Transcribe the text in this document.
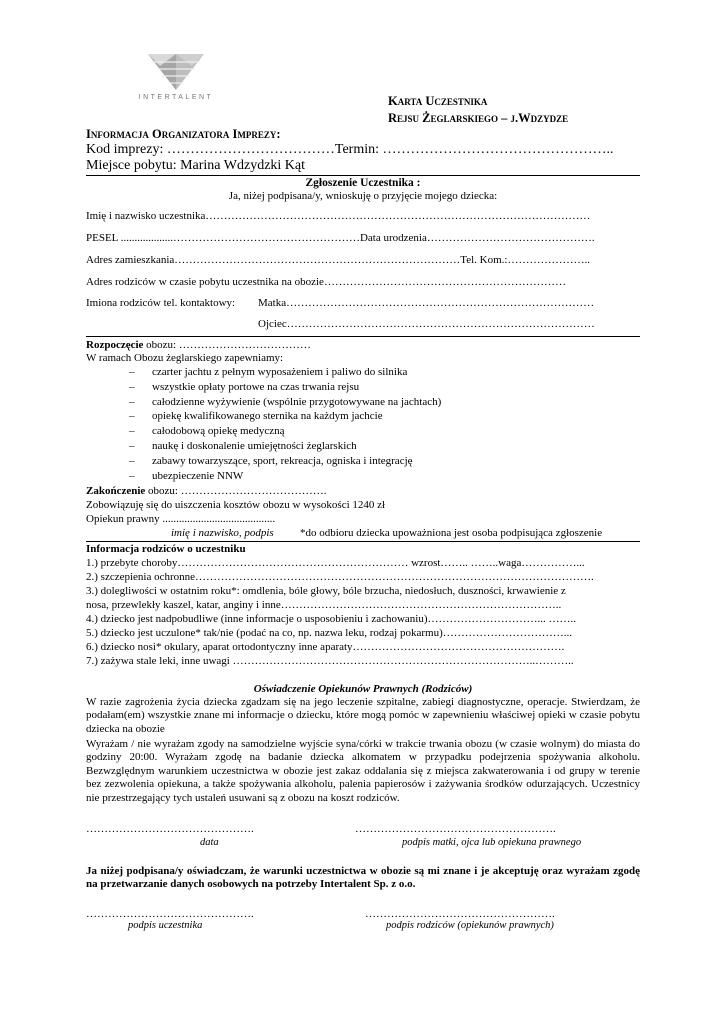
INTERTALENT	Karta Uczestnika
Rejsu Żeglarskiego – j.Wdzydze
Informacja Organizatora Imprezy:
Kod imprezy: ………………………………Termin: …………………………………………..
Miejsce pobytu: Marina Wdzydzki Kąt
Zgłoszenie Uczestnika :
Ja, niżej podpisana/y, wnioskuję o przyjęcie mojego dziecka:
Imię i nazwisko uczestnika……………………………………………………………………………………………
PESEL ...................……………………………………………Data urodzenia……………………………………….
Adres zamieszkania……………………………………………………………………Tel. Kom.:…………………..
Adres rodziców w czasie pobytu uczestnika na obozie…………………………………………………………
Imiona rodziców tel. kontaktowy: Matka…………………………………………………………………………
Ojciec…………………………………………………………………………
Rozpoczęcie obozu: ………………………………
W ramach Obozu żeglarskiego zapewniamy:
– czarter jachtu z pełnym wyposażeniem i paliwo do silnika
– wszystkie opłaty portowe na czas trwania rejsu
– całodzienne wyżywienie (wspólnie przygotowywane na jachtach)
– opiekę kwalifikowanego sternika na każdym jachcie
– całodobową opiekę medyczną
– naukę i doskonalenie umiejętności żeglarskich
– zabawy towarzyszące, sport, rekreacja, ogniska i integrację
– ubezpieczenie NNW
Zakończenie obozu: ………………………………….
Zobowiązuję się do uiszczenia kosztów obozu w wysokości 1240 zł
Opiekun prawny .........................................
imię i nazwisko, podpis *do odbioru dziecka upoważniona jest osoba podpisująca zgłoszenie
Informacja rodziców o uczestniku
1.) przebyte choroby……………………………………………………… wzrost…….. ……..waga……………...
2.) szczepienia ochronne……………………………………………………………………………………………….
3.) dolegliwości w ostatnim roku*: omdlenia, bóle głowy, bóle brzucha, niedosłuch, duszności, krwawienie z
nosa, przewlekły kaszel, katar, anginy i inne…………………………………………………………………..
4.) dziecko jest nadpobudliwe (inne informacje o usposobieniu i zachowaniu)…………………………... ……..
5.) dziecko jest uczulone* tak/nie (podać na co, np. nazwa leku, rodzaj pokarmu)……………………………...
6.) dziecko nosi* okulary, aparat ortodontyczny inne aparaty………………………………………………….
7.) zażywa stale leki, inne uwagi ………………………………………………………………………..………..
Oświadczenie Opiekunów Prawnych (Rodziców)
W razie zagrożenia życia dziecka zgadzam się na jego leczenie szpitalne, zabiegi diagnostyczne, operacje. Stwierdzam, że podałam(em) wszystkie znane mi informacje o dziecku, które mogą pomóc w zapewnieniu właściwej opieki w czasie pobytu dziecka na obozie
Wyrażam / nie wyrażam zgody na samodzielne wyjście syna/córki w trakcie trwania obozu (w czasie wolnym) do miasta do godziny 20:00. Wyrażam zgodę na badanie dziecka alkomatem w przypadku podejrzenia spożywania alkoholu. Bezwzględnym warunkiem uczestnictwa w obozie jest zakaz oddalania się z miejsca zakwaterowania i od grupy w terenie bez zezwolenia opiekuna, a także spożywania alkoholu, palenia papierosów i zażywania środków odurzających. Uczestnicy nie przestrzegający tych ustaleń usuwani są z obozu na koszt rodziców.
……………………………………….	……………………………………………….
data	podpis matki, ojca lub opiekuna prawnego
Ja niżej podpisana/y oświadczam, że warunki uczestnictwa w obozie są mi znane i je akceptuję oraz wyrażam zgodę na przetwarzanie danych osobowych na potrzeby Intertalent Sp. z o.o.
……………………………………….	…………………………………………….
podpis uczestnika	podpis rodziców (opiekunów prawnych)
